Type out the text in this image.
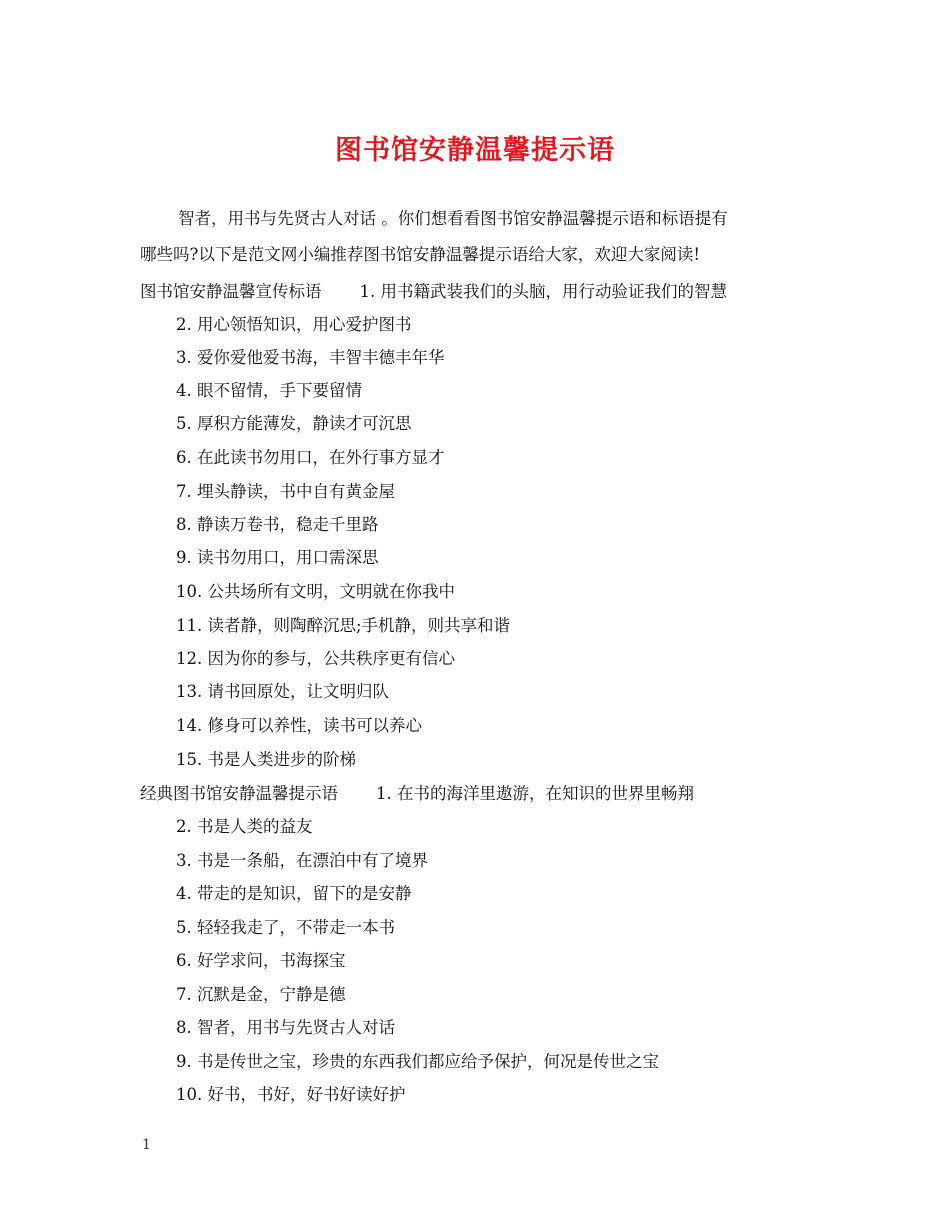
图书馆安静温馨提示语
智者，用书与先贤古人对话 。你们想看看图书馆安静温馨提示语和标语提有
哪些吗?以下是范文网小编推荐图书馆安静温馨提示语给大家，欢迎大家阅读!
图书馆安静温馨宣传标语 1. 用书籍武装我们的头脑，用行动验证我们的智慧
2. 用心领悟知识，用心爱护图书
3. 爱你爱他爱书海，丰智丰德丰年华
4. 眼不留情，手下要留情
5. 厚积方能薄发，静读才可沉思
6. 在此读书勿用口，在外行事方显才
7. 埋头静读，书中自有黄金屋
8. 静读万卷书，稳走千里路
9. 读书勿用口，用口需深思
10. 公共场所有文明，文明就在你我中
11. 读者静，则陶醉沉思;手机静，则共享和谐
12. 因为你的参与，公共秩序更有信心
13. 请书回原处，让文明归队
14. 修身可以养性，读书可以养心
15. 书是人类进步的阶梯
经典图书馆安静温馨提示语 1. 在书的海洋里遨游，在知识的世界里畅翔
2. 书是人类的益友
3. 书是一条船，在漂泊中有了境界
4. 带走的是知识，留下的是安静
5. 轻轻我走了，不带走一本书
6. 好学求问，书海探宝
7. 沉默是金，宁静是德
8. 智者，用书与先贤古人对话
9. 书是传世之宝，珍贵的东西我们都应给予保护，何况是传世之宝
10. 好书，书好，好书好读好护
1
